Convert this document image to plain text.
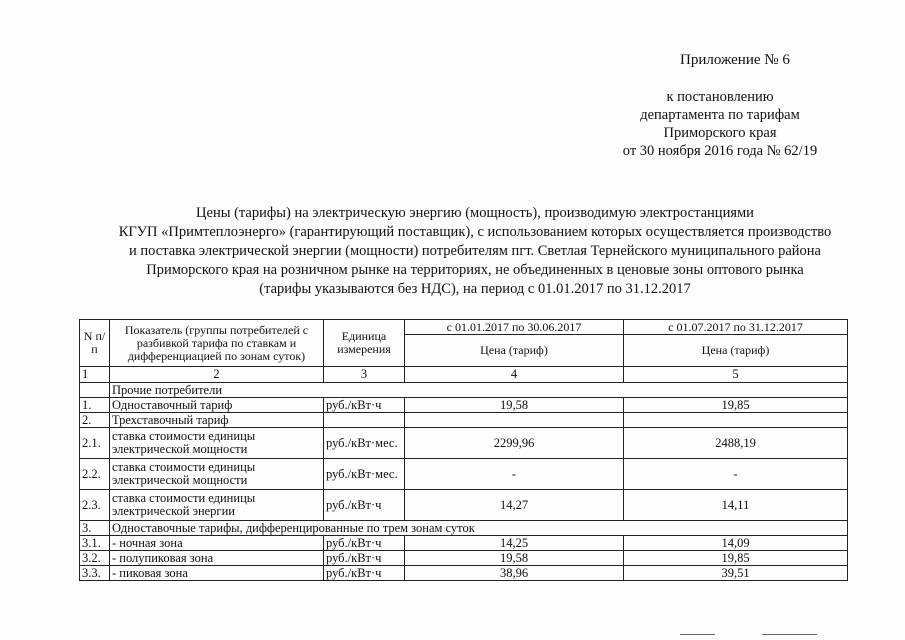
Приложение № 6
к постановлению
департамента по тарифам
Приморского края
от 30 ноября 2016 года № 62/19
Цены (тарифы) на электрическую энергию (мощность), производимую электростанциями
КГУП «Примтеплоэнерго» (гарантирующий поставщик), с использованием которых осуществляется производство
и поставка электрической энергии (мощности) потребителям пгт. Светлая Тернейского муниципального района
Приморского края на розничном рынке на территориях, не объединенных в ценовые зоны оптового рынка
(тарифы указываются без НДС), на период с 01.01.2017 по 31.12.2017
N п/п	Показатель (группы потребителей с разбивкой тарифа по ставкам и дифференциацией по зонам суток)	Единица измерения	с 01.01.2017 по 30.06.2017	с 01.07.2017 по 31.12.2017
			Цена (тариф)	Цена (тариф)
1	2	3	4	5
	Прочие потребители			
1.	Одноставочный тариф	руб./кВт·ч	19,58	19,85
2.	Трехставочный тариф			
2.1.	ставка стоимости единицы электрической мощности	руб./кВт·мес.	2299,96	2488,19
2.2.	ставка стоимости единицы электрической мощности	руб./кВт·мес.	-	-
2.3.	ставка стоимости единицы электрической энергии	руб./кВт·ч	14,27	14,11
3.	Одноставочные тарифы, дифференцированные по трем зонам суток			
3.1.	- ночная зона	руб./кВт·ч	14,25	14,09
3.2.	- полупиковая зона	руб./кВт·ч	19,58	19,85
3.3.	- пиковая зона	руб./кВт·ч	38,96	39,51
